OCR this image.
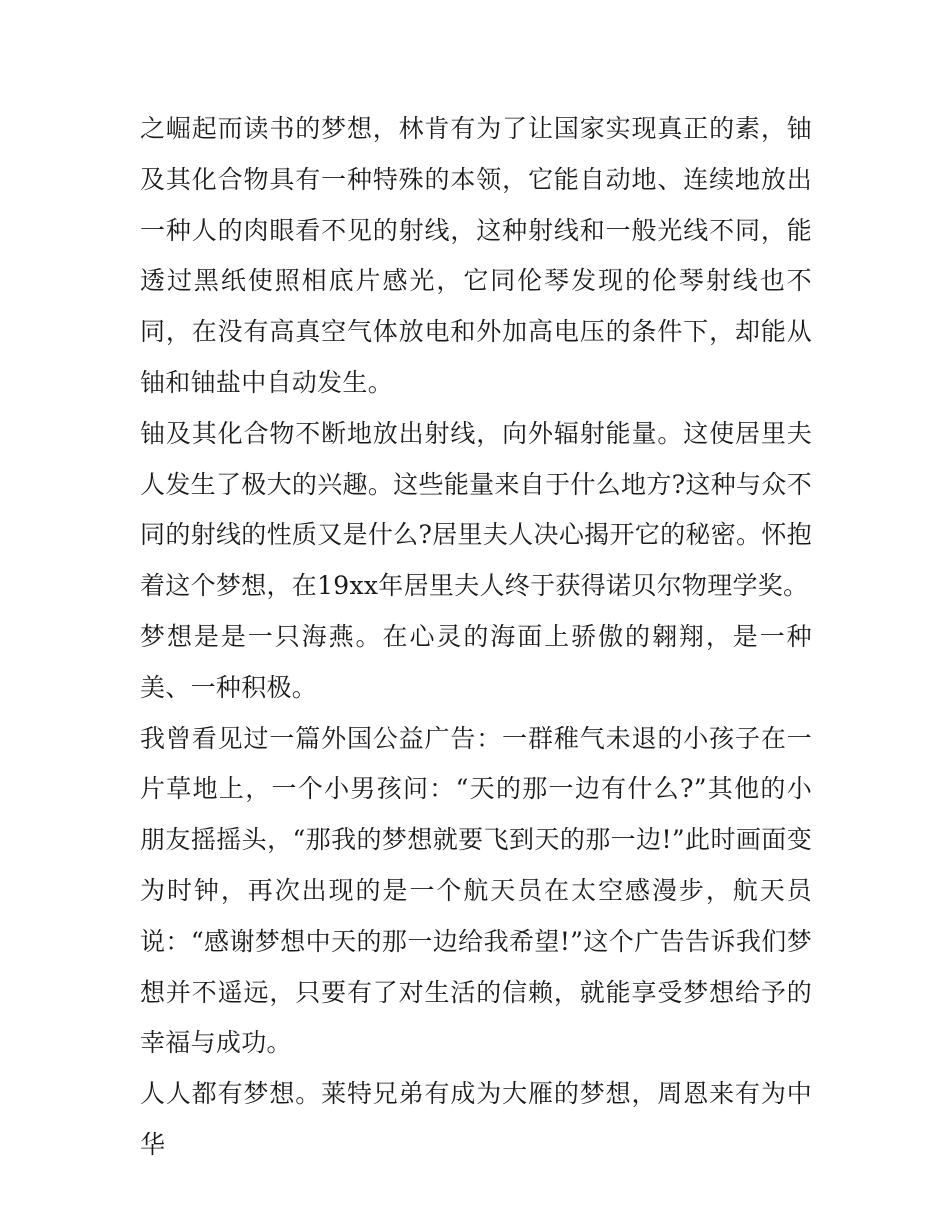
之崛起而读书的梦想，林肯有为了让国家实现真正的素，铀及其化合物具有一种特殊的本领，它能自动地、连续地放出一种人的肉眼看不见的射线，这种射线和一般光线不同，能透过黑纸使照相底片感光，它同伦琴发现的伦琴射线也不同，在没有高真空气体放电和外加高电压的条件下，却能从铀和铀盐中自动发生。

铀及其化合物不断地放出射线，向外辐射能量。这使居里夫人发生了极大的兴趣。这些能量来自于什么地方?这种与众不同的射线的性质又是什么?居里夫人决心揭开它的秘密。怀抱着这个梦想，在19xx年居里夫人终于获得诺贝尔物理学奖。

梦想是是一只海燕。在心灵的海面上骄傲的翱翔，是一种美、一种积极。

我曾看见过一篇外国公益广告：一群稚气未退的小孩子在一片草地上，一个小男孩问：“天的那一边有什么?”其他的小朋友摇摇头，“那我的梦想就要飞到天的那一边!”此时画面变为时钟，再次出现的是一个航天员在太空感漫步，航天员说：“感谢梦想中天的那一边给我希望!”这个广告告诉我们梦想并不遥远，只要有了对生活的信赖，就能享受梦想给予的幸福与成功。

人人都有梦想。莱特兄弟有成为大雁的梦想，周恩来有为中华
